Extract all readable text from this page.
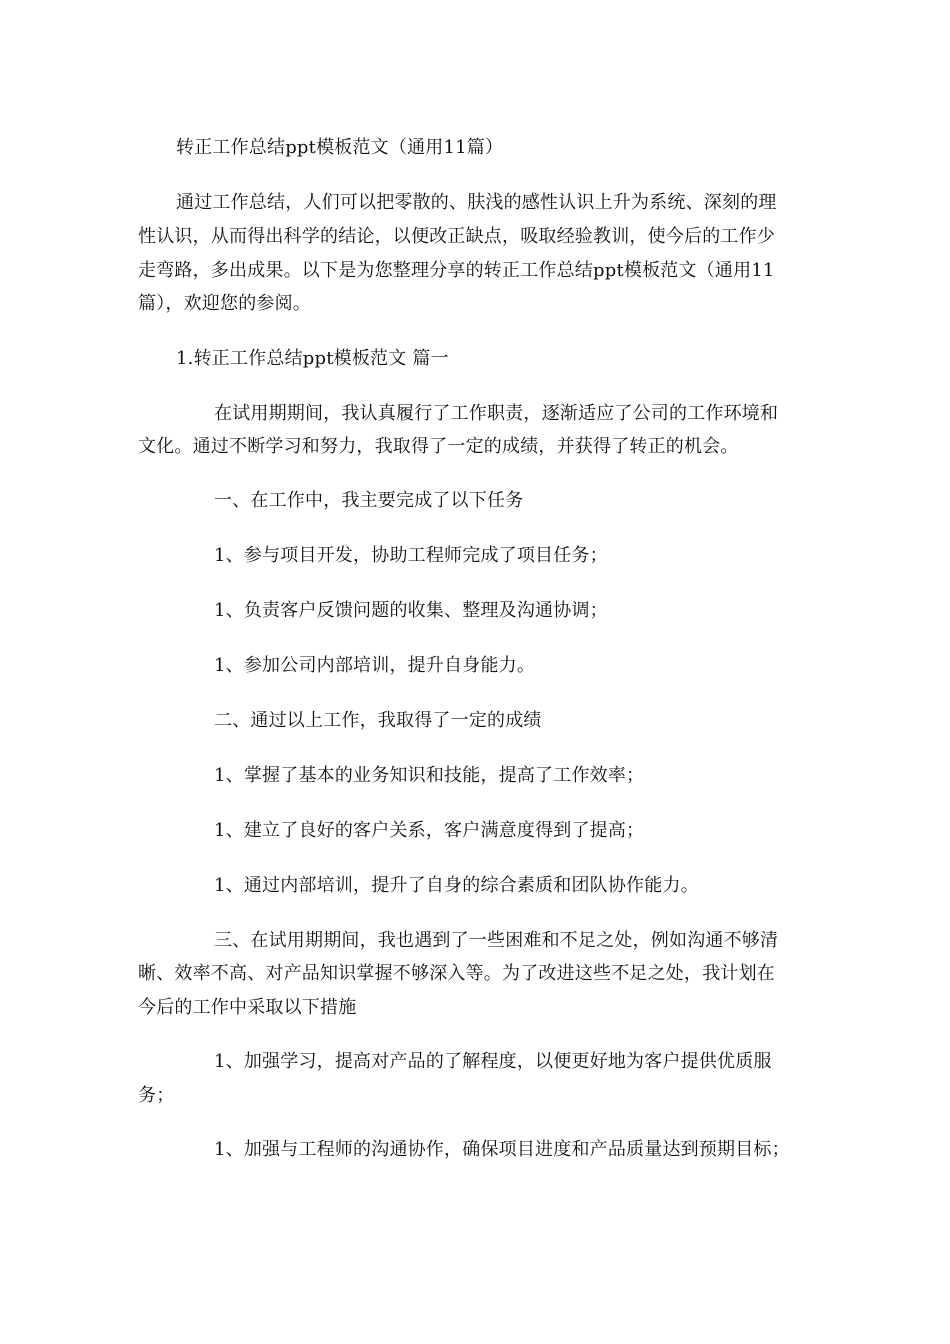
转正工作总结ppt模板范文（通用11篇）

通过工作总结，人们可以把零散的、肤浅的感性认识上升为系统、深刻的理

性认识，从而得出科学的结论，以便改正缺点，吸取经验教训，使今后的工作少

走弯路，多出成果。以下是为您整理分享的转正工作总结ppt模板范文（通用11

篇），欢迎您的参阅。

1.转正工作总结ppt模板范文 篇一

在试用期期间，我认真履行了工作职责，逐渐适应了公司的工作环境和

文化。通过不断学习和努力，我取得了一定的成绩，并获得了转正的机会。

一、在工作中，我主要完成了以下任务

1、参与项目开发，协助工程师完成了项目任务；

1、负责客户反馈问题的收集、整理及沟通协调；

1、参加公司内部培训，提升自身能力。

二、通过以上工作，我取得了一定的成绩

1、掌握了基本的业务知识和技能，提高了工作效率；

1、建立了良好的客户关系，客户满意度得到了提高；

1、通过内部培训，提升了自身的综合素质和团队协作能力。

三、在试用期期间，我也遇到了一些困难和不足之处，例如沟通不够清

晰、效率不高、对产品知识掌握不够深入等。为了改进这些不足之处，我计划在

今后的工作中采取以下措施

1、加强学习，提高对产品的了解程度，以便更好地为客户提供优质服

务；

1、加强与工程师的沟通协作，确保项目进度和产品质量达到预期目标；
